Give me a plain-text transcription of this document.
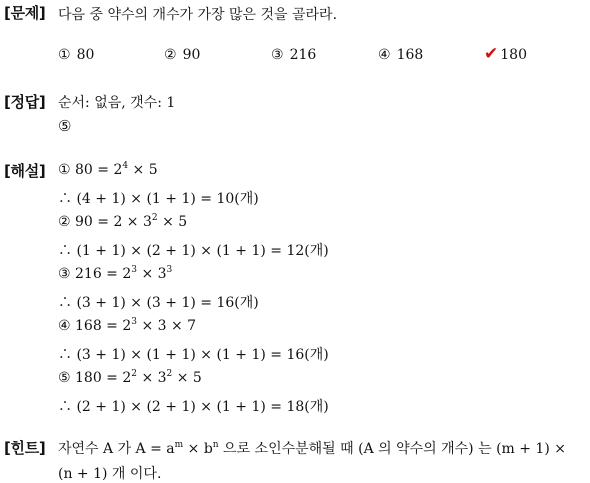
[문제] 다음 중 약수의 개수가 가장 많은 것을 골라라.
① 80	② 90	③ 216	④ 168	✔ 180
[정답] 순서: 없음, 갯수: 1
⑤
[해설] ① $80 = 2^4 \times 5$
∴ (4 + 1) × (1 + 1) = 10(개)
② $90 = 2 \times 3^2 \times 5$
∴ (1 + 1) × (2 + 1) × (1 + 1) = 12(개)
③ $216 = 2^3 \times 3^3$
∴ (3 + 1) × (3 + 1) = 16(개)
④ $168 = 2^3 \times 3 \times 7$
∴ (3 + 1) × (1 + 1) × (1 + 1) = 16(개)
⑤ $180 = 2^2 \times 3^2 \times 5$
∴ (2 + 1) × (2 + 1) × (1 + 1) = 18(개)
[힌트] 자연수 A 가 $A = a^m \times b^n$ 으로 소인수분해될 때 (A 의 약수의 개수) 는 (m + 1) ×
(n + 1) 개 이다.
